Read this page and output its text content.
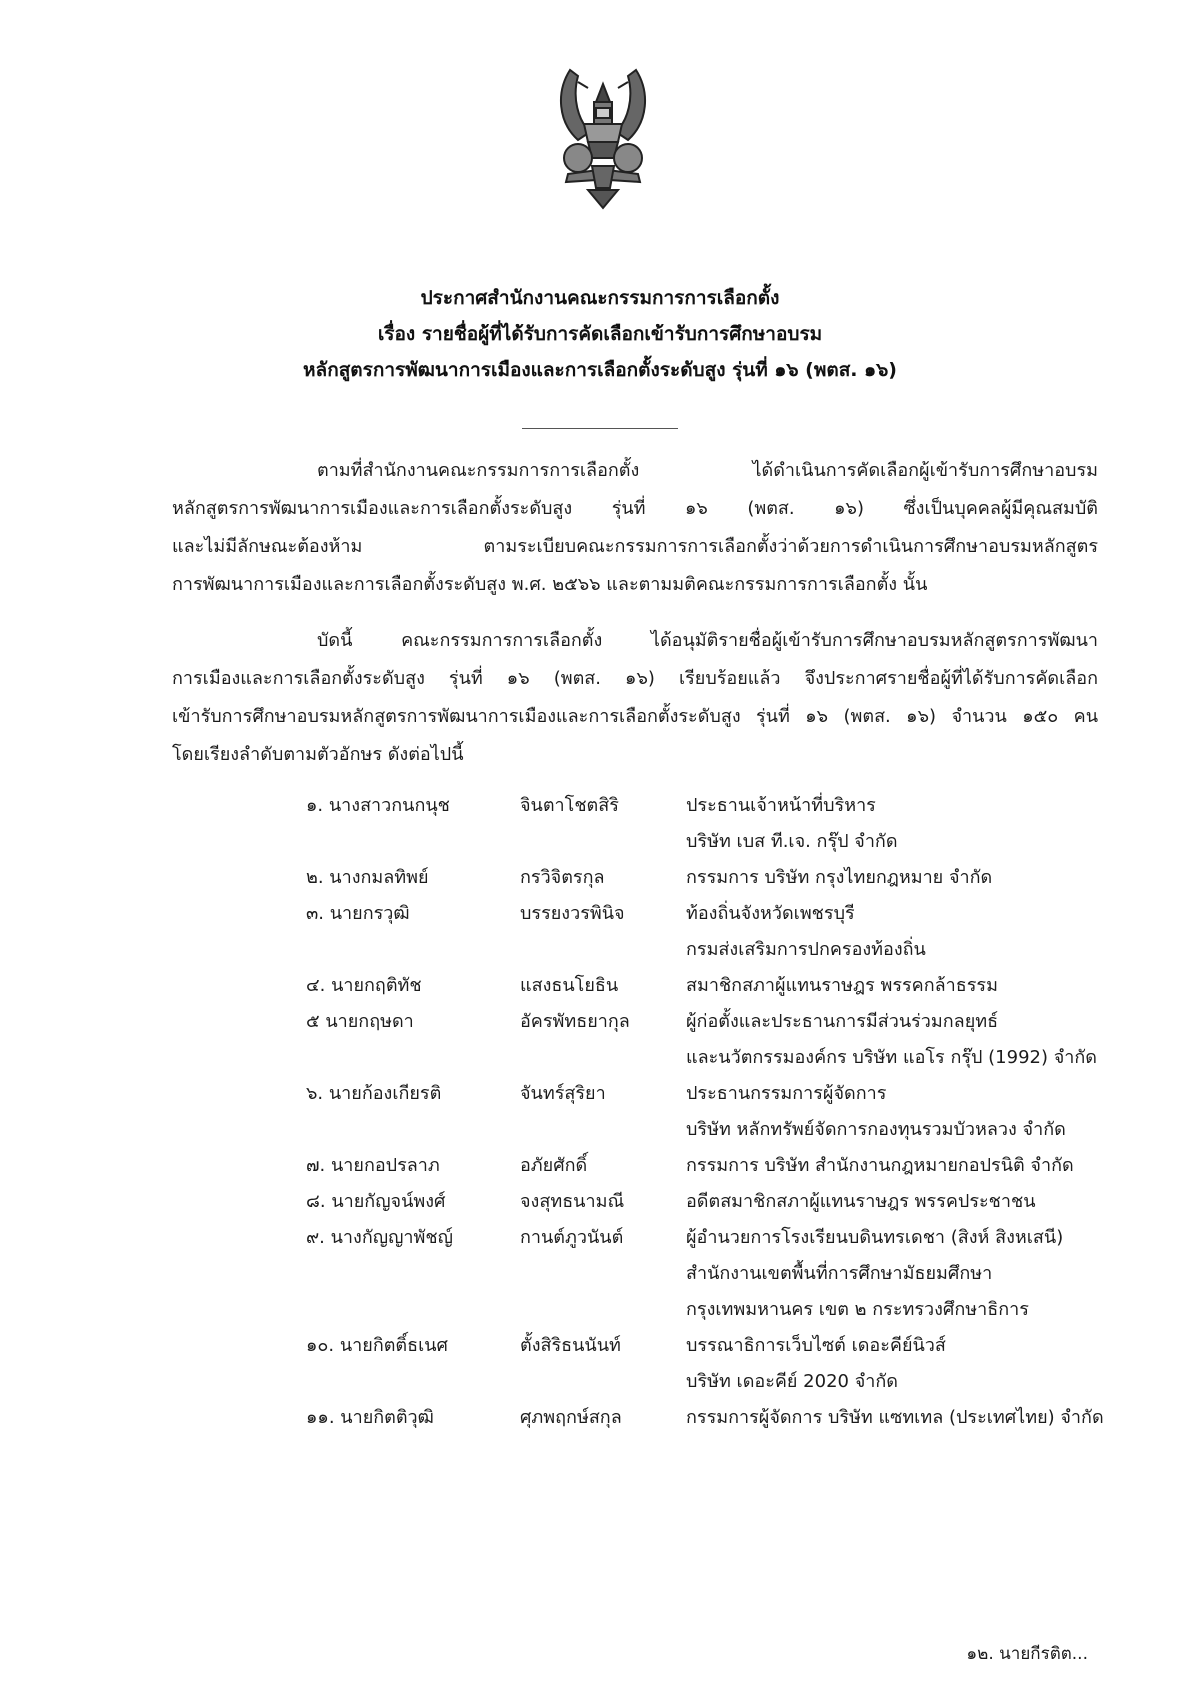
ประกาศสำนักงานคณะกรรมการการเลือกตั้ง
เรื่อง รายชื่อผู้ที่ได้รับการคัดเลือกเข้ารับการศึกษาอบรม
หลักสูตรการพัฒนาการเมืองและการเลือกตั้งระดับสูง รุ่นที่ ๑๖ (พตส. ๑๖)
ตามที่สำนักงานคณะกรรมการการเลือกตั้ง ได้ดำเนินการคัดเลือกผู้เข้ารับการศึกษาอบรม
หลักสูตรการพัฒนาการเมืองและการเลือกตั้งระดับสูง รุ่นที่ ๑๖ (พตส. ๑๖) ซึ่งเป็นบุคคลผู้มีคุณสมบัติ
และไม่มีลักษณะต้องห้าม ตามระเบียบคณะกรรมการการเลือกตั้งว่าด้วยการดำเนินการศึกษาอบรมหลักสูตร
การพัฒนาการเมืองและการเลือกตั้งระดับสูง พ.ศ. ๒๕๖๖ และตามมติคณะกรรมการการเลือกตั้ง นั้น
บัดนี้ คณะกรรมการการเลือกตั้ง ได้อนุมัติรายชื่อผู้เข้ารับการศึกษาอบรมหลักสูตรการพัฒนา
การเมืองและการเลือกตั้งระดับสูง รุ่นที่ ๑๖ (พตส. ๑๖) เรียบร้อยแล้ว จึงประกาศรายชื่อผู้ที่ได้รับการคัดเลือก
เข้ารับการศึกษาอบรมหลักสูตรการพัฒนาการเมืองและการเลือกตั้งระดับสูง รุ่นที่ ๑๖ (พตส. ๑๖) จำนวน ๑๕๐ คน
โดยเรียงลำดับตามตัวอักษร ดังต่อไปนี้
๑. นางสาวกนกนุช	จินตาโชตสิริ	ประธานเจ้าหน้าที่บริหาร
บริษัท เบส ที.เจ. กรุ๊ป จำกัด
๒. นางกมลทิพย์	กรวิจิตรกุล	กรรมการ บริษัท กรุงไทยกฎหมาย จำกัด
๓. นายกรวุฒิ	บรรยงวรพินิจ	ท้องถิ่นจังหวัดเพชรบุรี
กรมส่งเสริมการปกครองท้องถิ่น
๔. นายกฤติทัช	แสงธนโยธิน	สมาชิกสภาผู้แทนราษฎร พรรคกล้าธรรม
๕ นายกฤษดา	อัครพัทธยากุล	ผู้ก่อตั้งและประธานการมีส่วนร่วมกลยุทธ์
และนวัตกรรมองค์กร บริษัท แอโร กรุ๊ป (1992) จำกัด
๖. นายก้องเกียรติ	จันทร์สุริยา	ประธานกรรมการผู้จัดการ
บริษัท หลักทรัพย์จัดการกองทุนรวมบัวหลวง จำกัด
๗. นายกอปรลาภ	อภัยศักดิ์	กรรมการ บริษัท สำนักงานกฎหมายกอปรนิติ จำกัด
๘. นายกัญจน์พงศ์	จงสุทธนามณี	อดีตสมาชิกสภาผู้แทนราษฎร พรรคประชาชน
๙. นางกัญญาพัชญ์	กานต์ภูวนันต์	ผู้อำนวยการโรงเรียนบดินทรเดชา (สิงห์ สิงหเสนี)
สำนักงานเขตพื้นที่การศึกษามัธยมศึกษา
กรุงเทพมหานคร เขต ๒ กระทรวงศึกษาธิการ
๑๐. นายกิตติ์ธเนศ	ตั้งสิริธนนันท์	บรรณาธิการเว็บไซต์ เดอะคีย์นิวส์
บริษัท เดอะคีย์ 2020 จำกัด
๑๑. นายกิตติวุฒิ	ศุภพฤกษ์สกุล	กรรมการผู้จัดการ บริษัท แซทเทล (ประเทศไทย) จำกัด
๑๒. นายกีรติต...
